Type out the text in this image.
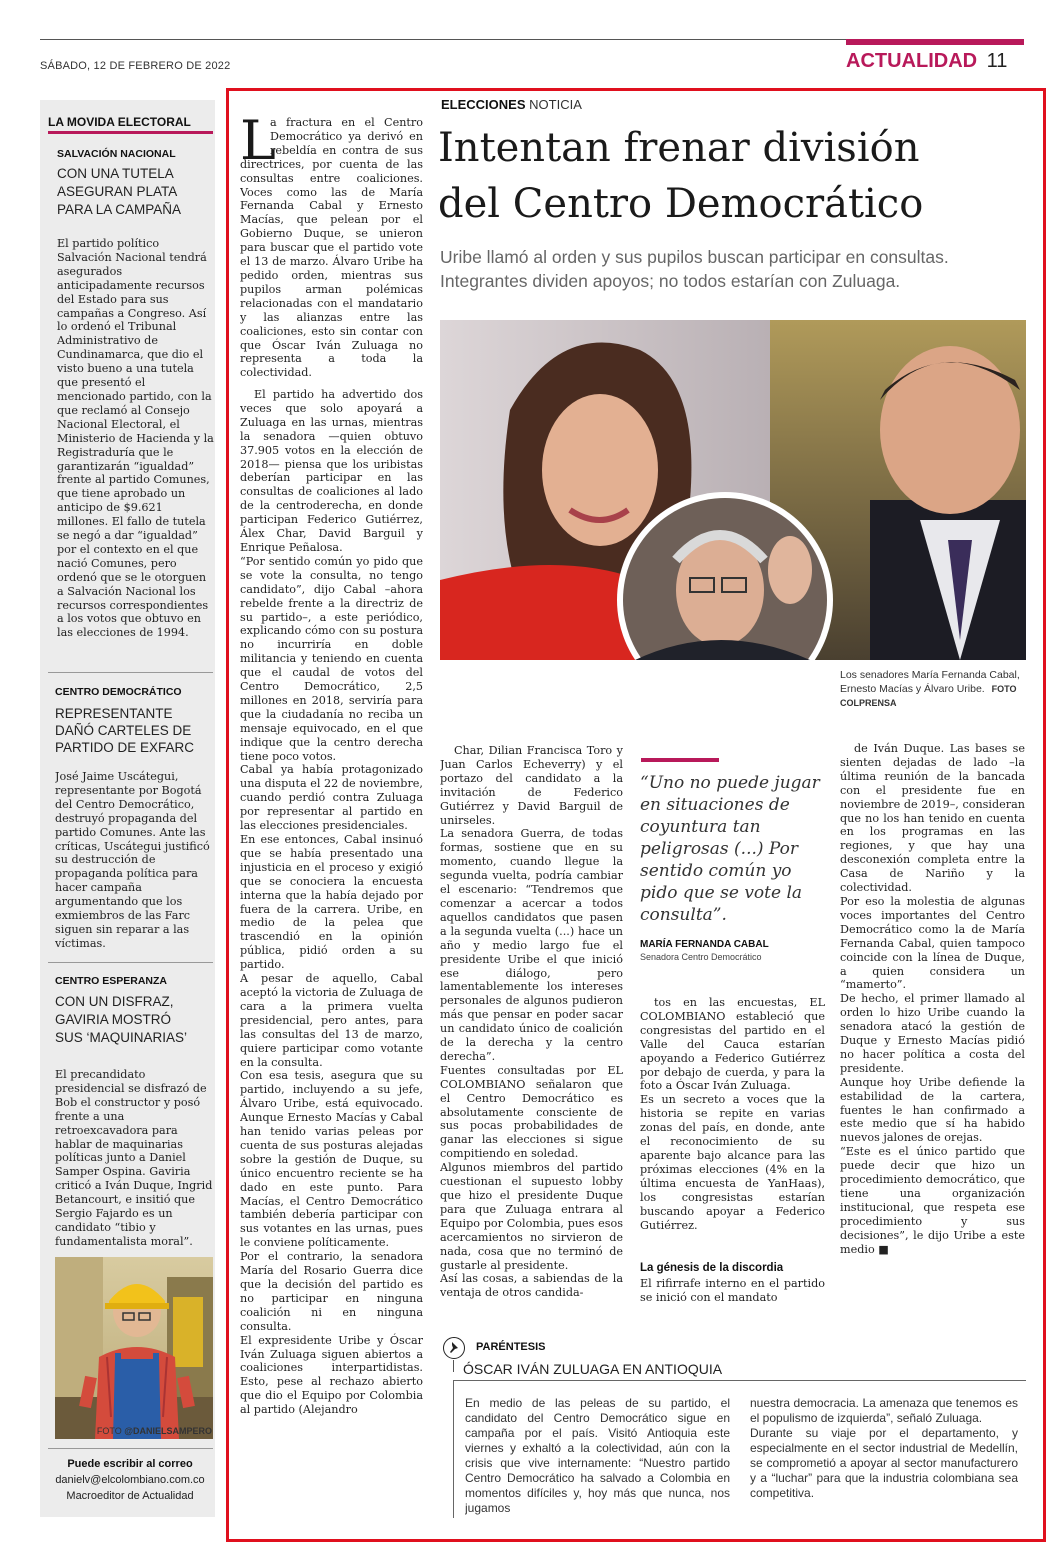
SÁBADO, 12 DE FEBRERO DE 2022	ACTUALIDAD 11
LA MOVIDA ELECTORAL
SALVACIÓN NACIONAL
CON UNA TUTELA
ASEGURAN PLATA
PARA LA CAMPAÑA
El partido político Salvación Nacional tendrá asegurados anticipadamente recursos del Estado para sus campañas a Congreso. Así lo ordenó el Tribunal Administrativo de Cundinamarca, que dio el visto bueno a una tutela que presentó el mencionado partido, con la que reclamó al Consejo Nacional Electoral, el Ministerio de Hacienda y la Registraduría que le garantizarán “igualdad” frente al partido Comunes, que tiene aprobado un anticipo de $9.621 millones. El fallo de tutela se negó a dar “igualdad” por el contexto en el que nació Comunes, pero ordenó que se le otorguen a Salvación Nacional los recursos correspondientes a los votos que obtuvo en las elecciones de 1994.
CENTRO DEMOCRÁTICO
REPRESENTANTE
DAÑÓ CARTELES DE
PARTIDO DE EXFARC
José Jaime Uscátegui, representante por Bogotá del Centro Democrático, destruyó propaganda del partido Comunes. Ante las críticas, Uscátegui justificó su destrucción de propaganda política para hacer campaña argumentando que los exmiembros de las Farc siguen sin reparar a las víctimas.
CENTRO ESPERANZA
CON UN DISFRAZ,
GAVIRIA MOSTRÓ
SUS ‘MAQUINARIAS’
El precandidato presidencial se disfrazó de Bob el constructor y posó frente a una retroexcavadora para hablar de maquinarias políticas junto a Daniel Samper Ospina. Gaviria criticó a Iván Duque, Ingrid Betancourt, e insitió que Sergio Fajardo es un candidato “tibio y fundamentalista moral”.
FOTO @DANIELSAMPERO
Puede escribir al correo
danielv@elcolombiano.com.co
Macroeditor de Actualidad
ELECCIONES NOTICIA
Intentan frenar división
del Centro Democrático
Uribe llamó al orden y sus pupilos buscan participar en consultas. Integrantes dividen apoyos; no todos estarían con Zuluaga.
L
a fractura en el Centro Democrático ya derivó en rebeldía en contra de sus directrices, por cuenta de las consultas entre coaliciones. Voces como las de María Fernanda Cabal y Ernesto Macías, que pelean por el Gobierno Duque, se unieron para buscar que el partido vote el 13 de marzo. Álvaro Uribe ha pedido orden, mientras sus pupilos arman polémicas relacionadas con el mandatario y las alianzas entre las coaliciones, esto sin contar con que Óscar Iván Zuluaga no representa a toda la colectividad.
El partido ha advertido dos veces que solo apoyará a Zuluaga en las urnas, mientras la senadora —quien obtuvo 37.905 votos en la elección de 2018— piensa que los uribistas deberían participar en las consultas de coaliciones al lado de la centroderecha, en donde participan Federico Gutiérrez, Álex Char, David Barguil y Enrique Peñalosa.
“Por sentido común yo pido que se vote la consulta, no tengo candidato”, dijo Cabal –ahora rebelde frente a la directriz de su partido–, a este periódico, explicando cómo con su postura no incurriría en doble militancia y teniendo en cuenta que el caudal de votos del Centro Democrático, 2,5 millones en 2018, serviría para que la ciudadanía no reciba un mensaje equivocado, en el que indique que la centro derecha tiene poco votos.
Cabal ya había protagonizado una disputa el 22 de noviembre, cuando perdió contra Zuluaga por representar al partido en las elecciones presidenciales.
En ese entonces, Cabal insinuó que se había presentado una injusticia en el proceso y exigió que se conociera la encuesta interna que la había dejado por fuera de la carrera. Uribe, en medio de la pelea que trascendió en la opinión pública, pidió orden a su partido.
A pesar de aquello, Cabal aceptó la victoria de Zuluaga de cara a la primera vuelta presidencial, pero antes, para las consultas del 13 de marzo, quiere participar como votante en la consulta.
Con esa tesis, asegura que su partido, incluyendo a su jefe, Álvaro Uribe, está equivocado. Aunque Ernesto Macías y Cabal han tenido varias peleas por cuenta de sus posturas alejadas sobre la gestión de Duque, su único encuentro reciente se ha dado en este punto. Para Macías, el Centro Democrático también debería participar con sus votantes en las urnas, pues le conviene políticamente.
Por el contrario, la senadora María del Rosario Guerra dice que la decisión del partido es no participar en ninguna coalición ni en ninguna consulta.
El expresidente Uribe y Óscar Iván Zuluaga siguen abiertos a coaliciones interpartidistas. Esto, pese al rechazo abierto que dio el Equipo por Colombia al partido (Alejandro
Los senadores María Fernanda Cabal, Ernesto Macías y Álvaro Uribe. FOTO COLPRENSA
Char, Dilian Francisca Toro y Juan Carlos Echeverry) y el portazo del candidato a la invitación de Federico Gutiérrez y David Barguil de unirseles.
La senadora Guerra, de todas formas, sostiene que en su momento, cuando llegue la segunda vuelta, podría cambiar el escenario: “Tendremos que comenzar a acercar a todos aquellos candidatos que pasen a la segunda vuelta (...) hace un año y medio largo fue el presidente Uribe el que inició ese diálogo, pero lamentablemente los intereses personales de algunos pudieron más que pensar en poder sacar un candidato único de coalición de la derecha y la centro derecha”.
Fuentes consultadas por EL COLOMBIANO señalaron que el Centro Democrático es absolutamente consciente de sus pocas probabilidades de ganar las elecciones si sigue compitiendo en soledad.
Algunos miembros del partido cuestionan el supuesto lobby que hizo el presidente Duque para que Zuluaga entrara al Equipo por Colombia, pues esos acercamientos no sirvieron de nada, cosa que no terminó de gustarle al presidente.
Así las cosas, a sabiendas de la ventaja de otros candida-
“Uno no puede jugar en situaciones de coyuntura tan peligrosas (...) Por sentido común yo pido que se vote la consulta”.
MARÍA FERNANDA CABAL
Senadora Centro Democrático
tos en las encuestas, EL COLOMBIANO estableció que congresistas del partido en el Valle del Cauca estarían apoyando a Federico Gutiérrez por debajo de cuerda, y para la foto a Óscar Iván Zuluaga.
Es un secreto a voces que la historia se repite en varias zonas del país, en donde, ante el reconocimiento de su aparente bajo alcance para las próximas elecciones (4% en la última encuesta de YanHaas), los congresistas estarían buscando apoyar a Federico Gutiérrez.
La génesis de la discordia
El rifirrafe interno en el partido se inició con el mandato
de Iván Duque. Las bases se sienten dejadas de lado –la última reunión de la bancada con el presidente fue en noviembre de 2019–, consideran que no los han tenido en cuenta en los programas en las regiones, y que hay una desconexión completa entre la Casa de Nariño y la colectividad.
Por eso la molestia de algunas voces importantes del Centro Democrático como la de María Fernanda Cabal, quien tampoco coincide con la línea de Duque, a quien considera un “mamerto”.
De hecho, el primer llamado al orden lo hizo Uribe cuando la senadora atacó la gestión de Duque y Ernesto Macías pidió no hacer política a costa del presidente.
Aunque hoy Uribe defiende la estabilidad de la cartera, fuentes le han confirmado a este medio que sí ha habido nuevos jalones de orejas.
“Este es el único partido que puede decir que hizo un procedimiento democrático, que tiene una organización institucional, que respeta ese procedimiento y sus decisiones”, le dijo Uribe a este medio ■
PARÉNTESIS
ÓSCAR IVÁN ZULUAGA EN ANTIOQUIA
En medio de las peleas de su partido, el candidato del Centro Democrático sigue en campaña por el país. Visitó Antioquia este viernes y exhaltó a la colectividad, aún con la crisis que vive internamente: “Nuestro partido Centro Democrático ha salvado a Colombia en momentos difíciles y, hoy más que nunca, nos jugamos
nuestra democracia. La amenaza que tenemos es el populismo de izquierda”, señaló Zuluaga.
Durante su viaje por el departamento, y especialmente en el sector industrial de Medellín, se comprometió a apoyar al sector manufacturero y a “luchar” para que la industria colombiana sea competitiva.
